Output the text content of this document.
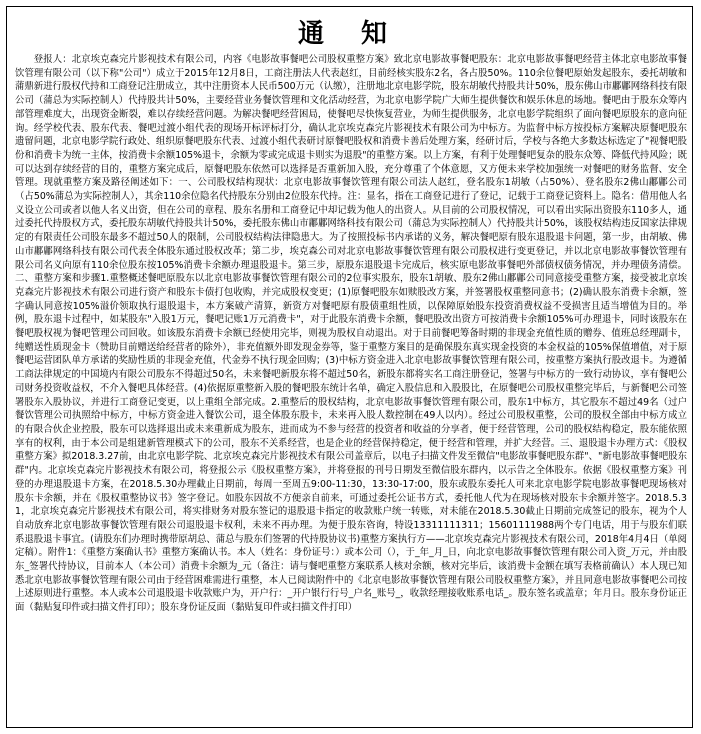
通 知

登报人：北京埃克森完片影视技术有限公司，内容《电影故事餐吧公司股权重整方案》致北京电影故事餐吧股东：北京电影故事餐吧经营主体北京电影故事餐饮管理有限公司（以下称"公司"）成立于2015年12月8日，工商注册法人代表赵红，目前经核实股东2名，各占股50%。110余位餐吧原始发起股东，委托胡敏和蒲鼎新进行股权代持和工商登记注册成立，其中注册资本人民币500万元（认缴），注册地北京电影学院，股东胡敏代持股共计50%，股东佛山市鄘鄘网络科技有限公司（蒲总为实际控制人）代持股共计50%，主要经营业务餐饮管理和文化活动经营，为北京电影学院广大师生提供餐饮和娱乐休息的场地。餐吧由于股东众筹内部管理难度大，出现资金断裂，难以存续经营问题。为解决餐吧经营困局，使餐吧尽快恢复营业，为师生提供服务，北京电影学院组织了面向餐吧原股东的意向征询。经学校代表、股东代表、餐吧过渡小组代表的现场开标评标打分，确认北京埃克森完片影视技术有限公司为中标方。为监督中标方按投标方案解决原餐吧股东遗留问题，北京电影学院行政处、组织原餐吧股东代表、过渡小组代表研讨原餐吧股权和消费卡善后处理方案，经研讨后，学校与各绝大多数达标选定了"视餐吧股份和消费卡为统一主体，按消费卡余额105%退卡，余额为零或完成退卡则实为退股"的重整方案。以上方案，有利于处理餐吧复杂的股东众筹、降低代持风险；既可以达到存续经营的目的，重整方案完成后，原餐吧股东依然可以选择是否重新加入股，充分尊重了个体意愿，又方便未来学校加强统一对餐吧的财务监督、安全管理。现就重整方案及路径阐述如下：一、公司股权结构现状：北京电影故事餐饮管理有限公司法人赵红，登名股东1胡敏（占50%）、登名股东2佛山鄘鄘公司（占50%蒲总为实际控制人），其余110余位隐名代持股东分别由2位股东代持。注：显名，指在工商登记进行了登记，记载于工商登记资料上。隐名：借用他人名义设立公司或者以他人名义出资，但在公司的章程、股东名册和工商登记中却记载为他人的出资人。从目前的公司股权情况，可以看出实际出资股东110多人，通过委托代持股权方式，委托股东胡敏代持股共计50%，委托股东佛山市鄘鄘网络科技有限公司（蒲总为实际控制人）代持股共计50%，该股权结构违反国家法律规定的有限责任公司股东最多不超过50人的限制，公司股权结构法律隐患大。为了按照投标书内承诺的义务，解决餐吧原有股东退股退卡问题，第一步，由胡敏、佛山市鄘鄘网络科技有限公司代表全体股东通过股权改革；第二步，埃克森公司对北京电影故事餐饮管理有限公司股权进行变更登记，并以北京电影故事餐饮管理有限公司名义向原有110余位股东按105%消费卡余额办理退股退卡。第三步，原股东退股退卡完成后，核实原电影故事餐吧外部债权债务情况，并办理债务清偿。二、重整方案和步骤1.重整概述餐吧原股东以北京电影故事餐饮管理有限公司的2位事实股东，股东1胡敏、股东2佛山鄘鄘公司同意接受重整方案，接受被北京埃克森完片影视技术有限公司进行资产和股东卡债打包收购，并完成股权变更；(1)原餐吧股东如赎股改方案，并签署股权重整同意书；(2)确认股东消费卡余额，签字确认同意按105%溢价领取执行退股退卡，本方案破产清算，新资方对餐吧原有股债重组性质，以保障原始股东投资消费权益不受损害且适当增值为目的。举例，股东退卡过程中，如某股东"入股1万元，餐吧记账1万元消费卡"，对于此股东消费卡余额，餐吧股改出资方可按消费卡余额105%可办理退卡，同时该股东在餐吧股权视为餐吧管理公司回收。如该股东消费卡余额已经使用完毕，则视为股权自动退出。对于目前餐吧筹备时期的非现金充值性质的赠券、值班总经理副卡，纯赠送性质现金卡（赞助目前赠送给经营者的除外），非充值额外即发现金券等，鉴于重整方案目的是确保股东真实现金投资的本金权益的105%保值增值，对于原餐吧运营团队单方承诺的奖励性质的非现金充值，代金券不执行现金回购；(3)中标方资金进入北京电影故事餐饮管理有限公司，按重整方案执行股改退卡。为遵循工商法律规定的中国境内有限公司股东不得超过50名，未来餐吧新股东将不超过50名，新股东都将实名工商注册登记，签署与中标方的一致行动协议，享有餐吧公司财务投资收益权，不介入餐吧具体经营。(4)依据原重整新入股的餐吧股东统计名单，确定入股信息和入股股比，在原餐吧公司股权重整完毕后，与新餐吧公司签署股东入股协议，并进行工商登记变更，以上重组全部完成。2.重整后的股权结构，北京电影故事餐饮管理有限公司，股东1中标方，其它股东不超过49名（过户餐饮管理公司执照给中标方，中标方资金进入餐饮公司，退全体股东股卡，未来再入股人数控制在49人以内）。经过公司股权重整，公司的股权全部由中标方成立的有限合伙企业控股，股东可以选择退出或未来重新成为股东，进而成为不参与经营的投资者和收益的分享者，便于经营管理，公司的股权结构稳定，股东能依照享有的权利，由于本公司是组建新管理模式下的公司，股东不关系经营，也是企业的经营保持稳定，便于经营和管理，并扩大经营。三、退股退卡办理方式：《股权重整方案》拟2018.3.27前，由北京电影学院、北京埃克森完片影视技术有限公司盖章后，以电子扫描文件发至微信"电影故事餐吧股东群"、"新电影故事餐吧股东群"内。北京埃克森完片影视技术有限公司，将登报公示《股权重整方案》，并将登报的刊号日期发至微信股东群内，以示告之全体股东。依据《股权重整方案》刊登的办理退股退卡方案，在2018.5.30办理截止日期前，每周一至周五9:00-11:30，13:30-17:00，股东或股东委托人可来北京电影学院电影故事餐吧现场核对股东卡余额，并在《股权重整协议书》签字登记。如股东因故不方便亲自前来，可通过委托公证书方式，委托他人代为在现场核对股东卡余额并签字。2018.5.31，北京埃克森完片影视技术有限公司，将实排财务对股东签记的退股退卡指定的收款账户统一转账，对未能在2018.5.30截止日期前完成签记的股东，视为个人自动放弃北京电影故事餐饮管理有限公司退股退卡权利，未来不再办理。为便于股东咨询，特设13311111311；15601111988两个专门电话，用于与股东们联系退股退卡事宜。(请股东们办理时携带原胡总、蒲总与股东们签署的代持股协议书)重整方案执行方——北京埃克森完片影视技术有限公司，2018年4月4日（单阅定稿）。附件1：《重整方案确认书》重整方案确认书。本人（姓名：身份证号：）或本公司（），于_年_月_日，向北京电影故事餐饮管理有限公司入资_万元，并由股东_签署代持协议，目前本人（本公司）消费卡余额为_元（备注：请与餐吧重整方案联系人核对余额，核对完毕后，该消费卡金额在填写表格前确认）本人现已知悉北京电影故事餐饮管理有限公司由于经营困难需进行重整，本人已阅读附件中的《北京电影故事餐饮管理有限公司股权重整方案》，并且同意电影故事餐吧公司按上述原则进行重整。本人或本公司退股退卡收款账户为，开户行：_开户银行行号_户名_账号_，收款经理接收账系电话_。股东签名或盖章；年月日。股东身份证正面（黏贴复印件或扫描文件打印）；股东身份证反面（黏贴复印件或扫描文件打印）
